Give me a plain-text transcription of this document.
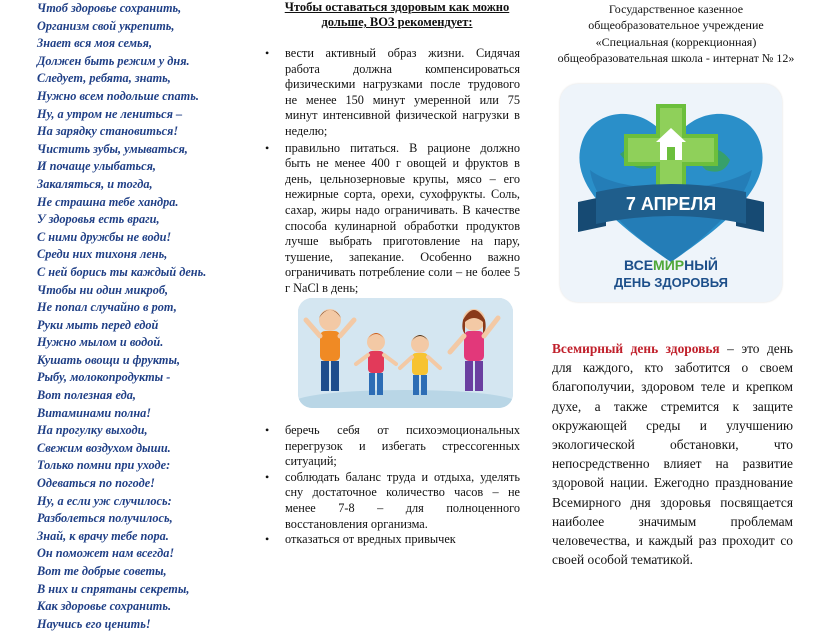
Чтоб здоровье сохранить,
Организм свой укрепить,
Знает вся моя семья,
Должен быть режим у дня.
Следует, ребята, знать,
Нужно всем подольше спать.
Ну, а утром не лениться –
На зарядку становиться!
Чистить зубы, умываться,
И почаще улыбаться,
Закаляться, и тогда,
Не страшна тебе хандра.
У здоровья есть враги,
С ними дружбы не води!
Среди них тихоня лень,
С ней борись ты каждый день.
Чтобы ни один микроб,
Не попал случайно в рот,
Руки мыть перед едой
Нужно мылом и водой.
Кушать овощи и фрукты,
Рыбу, молокопродукты -
Вот полезная еда,
Витаминами полна!
На прогулку выходи,
Свежим воздухом дыши.
Только помни при уходе:
Одеваться по погоде!
Ну, а если уж случилось:
Разболеться получилось,
Знай, к врачу тебе пора.
Он поможет нам всегда!
Вот те добрые советы,
В них и спрятаны секреты,
Как здоровье сохранить.
Научись его ценить!
Чтобы оставаться здоровым как можно дольше, ВОЗ рекомендует:
• вести активный образ жизни. Сидячая работа должна компенсироваться физическими нагрузками после трудового не менее 150 минут умеренной или 75 минут интенсивной физической нагрузки в неделю;
• правильно питаться. В рационе должно быть не менее 400 г овощей и фруктов в день, цельнозерновые крупы, мясо – его нежирные сорта, орехи, сухофрукты. Соль, сахар, жиры надо ограничивать. В качестве способа кулинарной обработки продуктов лучше выбрать приготовление на пару, тушение, запекание. Особенно важно ограничивать потребление соли – не более 5 г NaCl в день;
• беречь себя от психоэмоциональных перегрузок и избегать стрессогенных ситуаций;
• соблюдать баланс труда и отдыха, уделять сну достаточное количество часов – не менее 7-8 – для полноценного восстановления организма.
• отказаться от вредных привычек
Государственное казенное
общеобразовательное учреждение
«Специальная (коррекционная)
общеобразовательная школа - интернат № 12»
7 АПРЕЛЯ
ВСЕМИРНЫЙ
ДЕНЬ ЗДОРОВЬЯ
Всемирный день здоровья – это день для каждого, кто заботится о своем благополучии, здоровом теле и крепком духе, а также стремится к защите окружающей среды и улучшению экологической обстановки, что непосредственно влияет на развитие здоровой нации. Ежегодно празднование Всемирного дня здоровья посвящается наиболее значимым проблемам человечества, и каждый раз проходит со своей особой тематикой.
